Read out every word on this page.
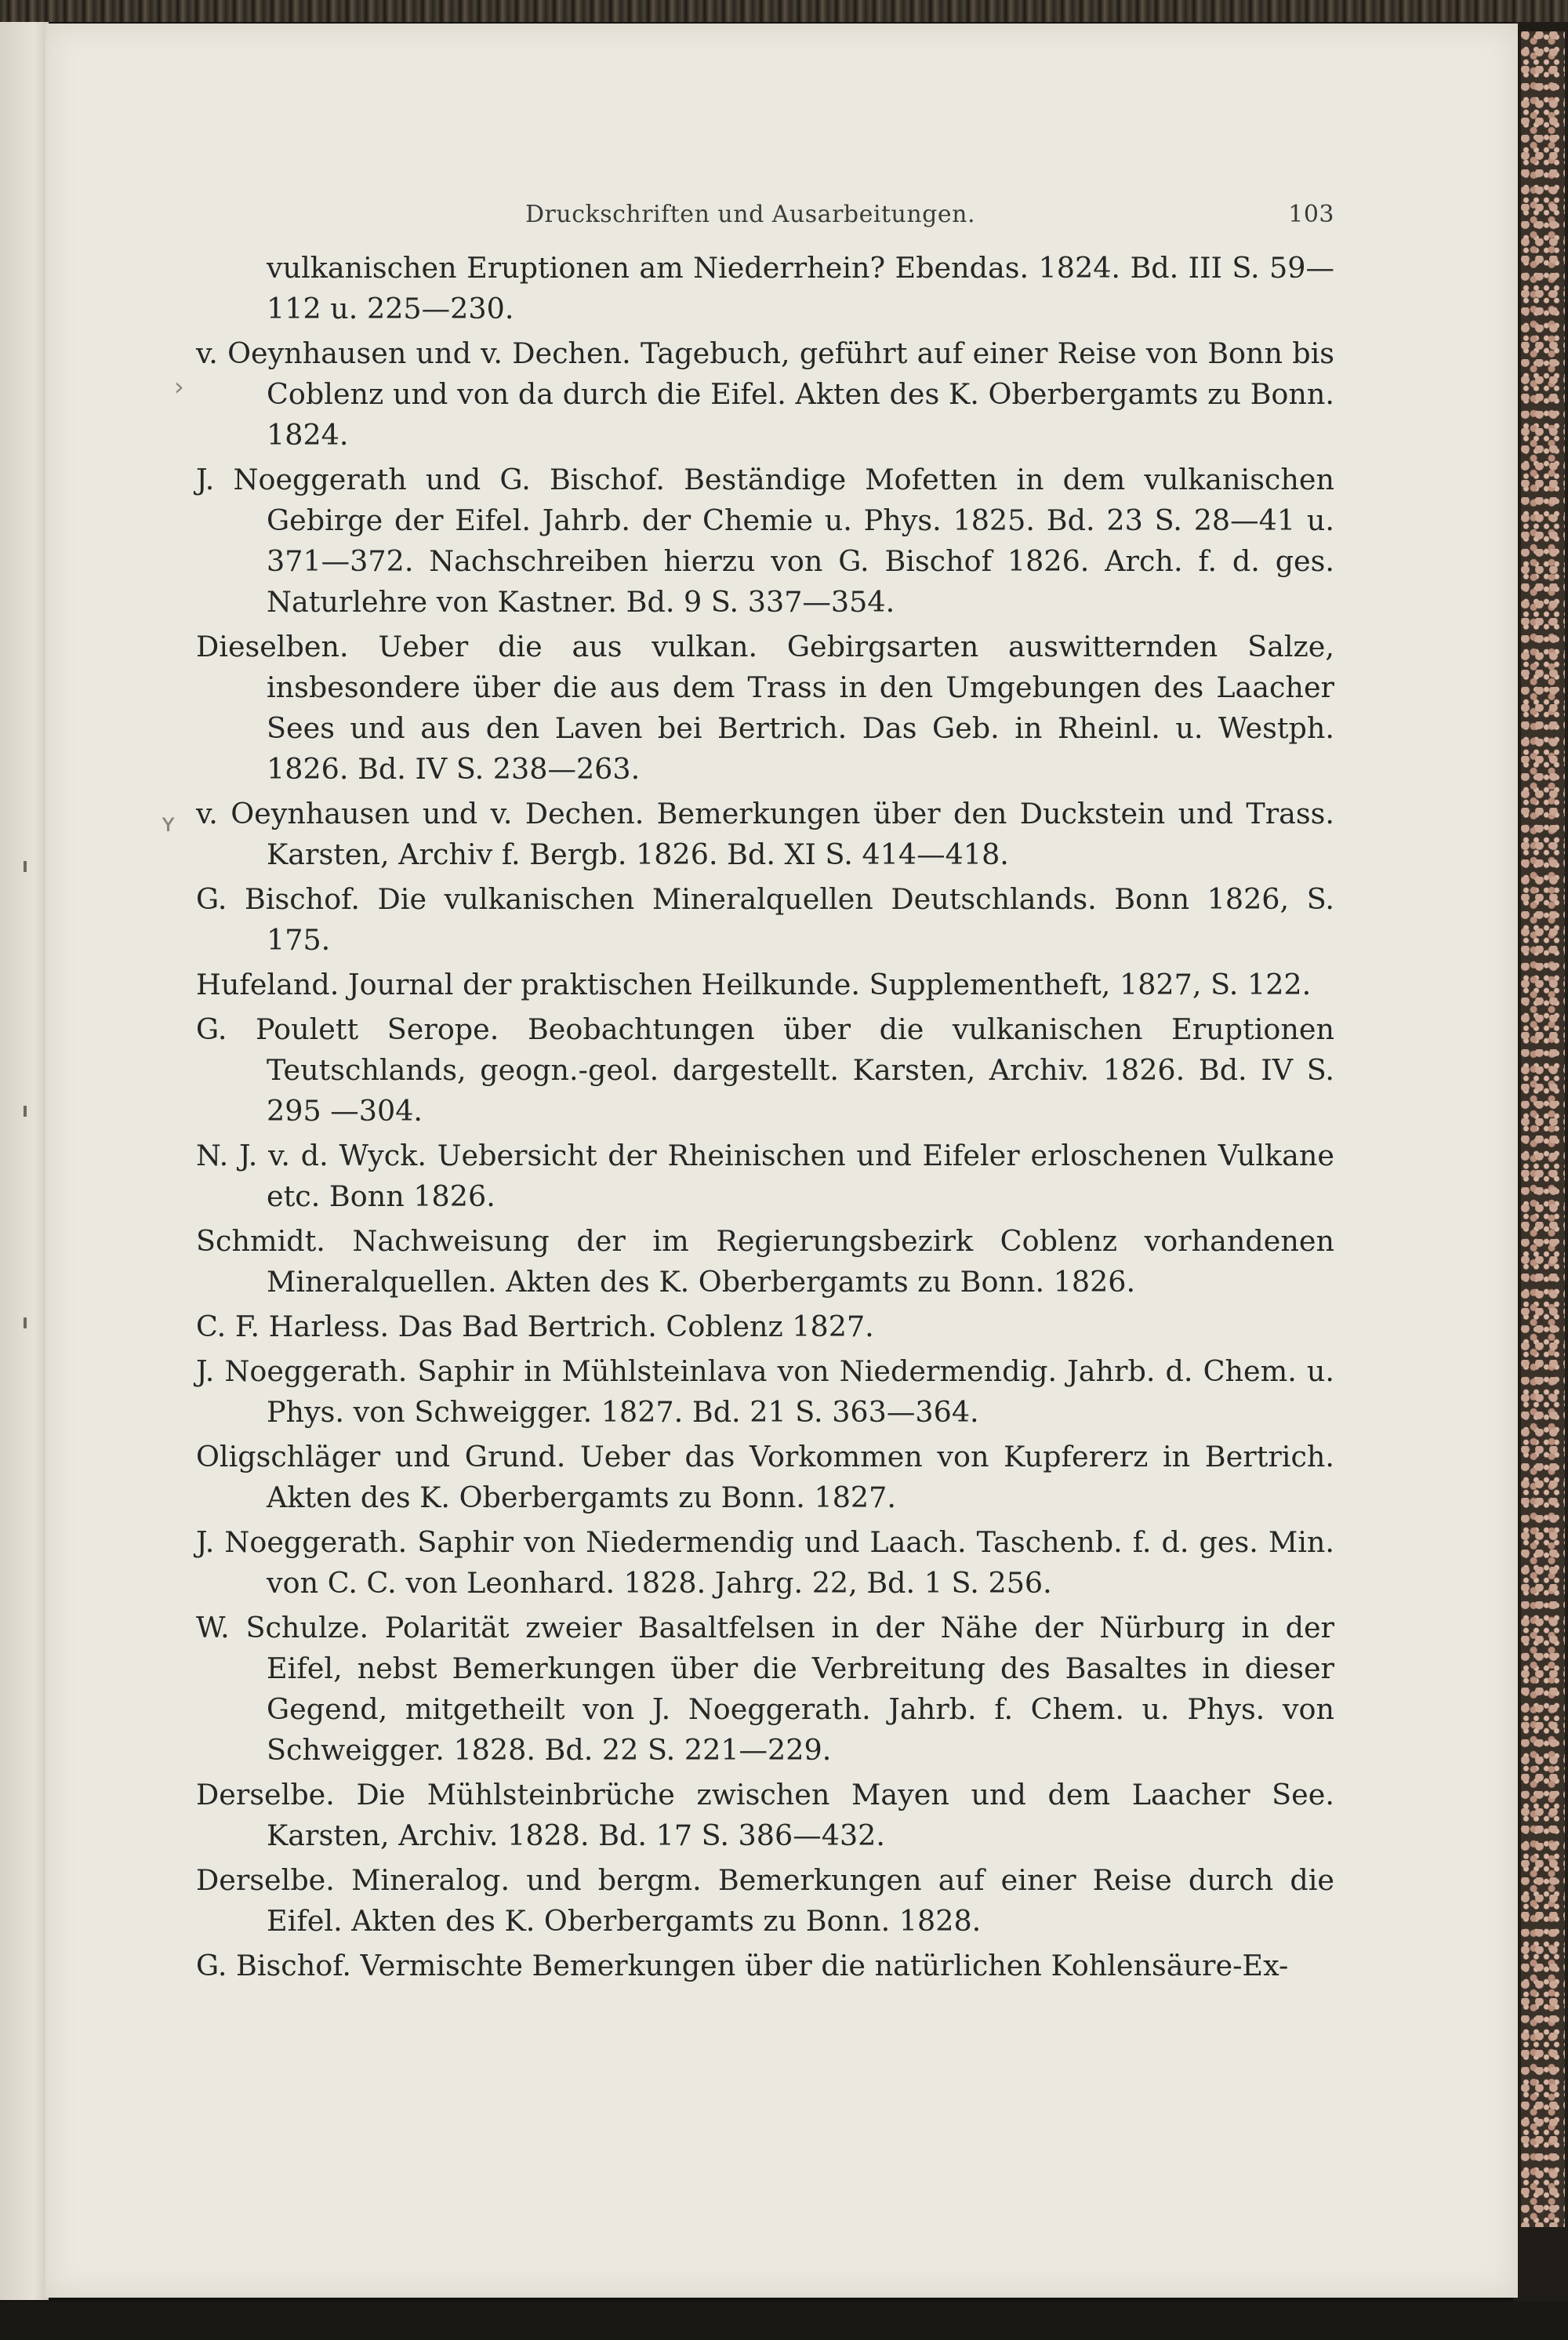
Druckschriften und Ausarbeitungen.	103
›
ʏ
vulkanischen Eruptionen am Niederrhein? Ebendas. 1824. Bd. III S. 59—112 u. 225—230.
v. Oeynhausen und v. Dechen. Tagebuch, geführt auf einer Reise von Bonn bis Coblenz und von da durch die Eifel. Akten des K. Oberbergamts zu Bonn. 1824.
J. Noeggerath und G. Bischof. Beständige Mofetten in dem vulkanischen Gebirge der Eifel. Jahrb. der Chemie u. Phys. 1825. Bd. 23 S. 28—41 u. 371—372. Nachschreiben hierzu von G. Bischof 1826. Arch. f. d. ges. Naturlehre von Kastner. Bd. 9 S. 337—354.
Dieselben. Ueber die aus vulkan. Gebirgsarten auswitternden Salze, insbesondere über die aus dem Trass in den Umgebungen des Laacher Sees und aus den Laven bei Bertrich. Das Geb. in Rheinl. u. Westph. 1826. Bd. IV S. 238—263.
v. Oeynhausen und v. Dechen. Bemerkungen über den Duckstein und Trass. Karsten, Archiv f. Bergb. 1826. Bd. XI S. 414—418.
G. Bischof. Die vulkanischen Mineralquellen Deutschlands. Bonn 1826, S. 175.
Hufeland. Journal der praktischen Heilkunde. Supplementheft, 1827, S. 122.
G. Poulett Serope. Beobachtungen über die vulkanischen Eruptionen Teutschlands, geogn.-geol. dargestellt. Karsten, Archiv. 1826. Bd. IV S. 295 —304.
N. J. v. d. Wyck. Uebersicht der Rheinischen und Eifeler erloschenen Vulkane etc. Bonn 1826.
Schmidt. Nachweisung der im Regierungsbezirk Coblenz vorhandenen Mineralquellen. Akten des K. Oberbergamts zu Bonn. 1826.
C. F. Harless. Das Bad Bertrich. Coblenz 1827.
J. Noeggerath. Saphir in Mühlsteinlava von Niedermendig. Jahrb. d. Chem. u. Phys. von Schweigger. 1827. Bd. 21 S. 363—364.
Oligschläger und Grund. Ueber das Vorkommen von Kupfererz in Bertrich. Akten des K. Oberbergamts zu Bonn. 1827.
J. Noeggerath. Saphir von Niedermendig und Laach. Taschenb. f. d. ges. Min. von C. C. von Leonhard. 1828. Jahrg. 22, Bd. 1 S. 256.
W. Schulze. Polarität zweier Basaltfelsen in der Nähe der Nürburg in der Eifel, nebst Bemerkungen über die Verbreitung des Basaltes in dieser Gegend, mitgetheilt von J. Noeggerath. Jahrb. f. Chem. u. Phys. von Schweigger. 1828. Bd. 22 S. 221—229.
Derselbe. Die Mühlsteinbrüche zwischen Mayen und dem Laacher See. Karsten, Archiv. 1828. Bd. 17 S. 386—432.
Derselbe. Mineralog. und bergm. Bemerkungen auf einer Reise durch die Eifel. Akten des K. Oberbergamts zu Bonn. 1828.
G. Bischof. Vermischte Bemerkungen über die natürlichen Kohlensäure-Ex-
